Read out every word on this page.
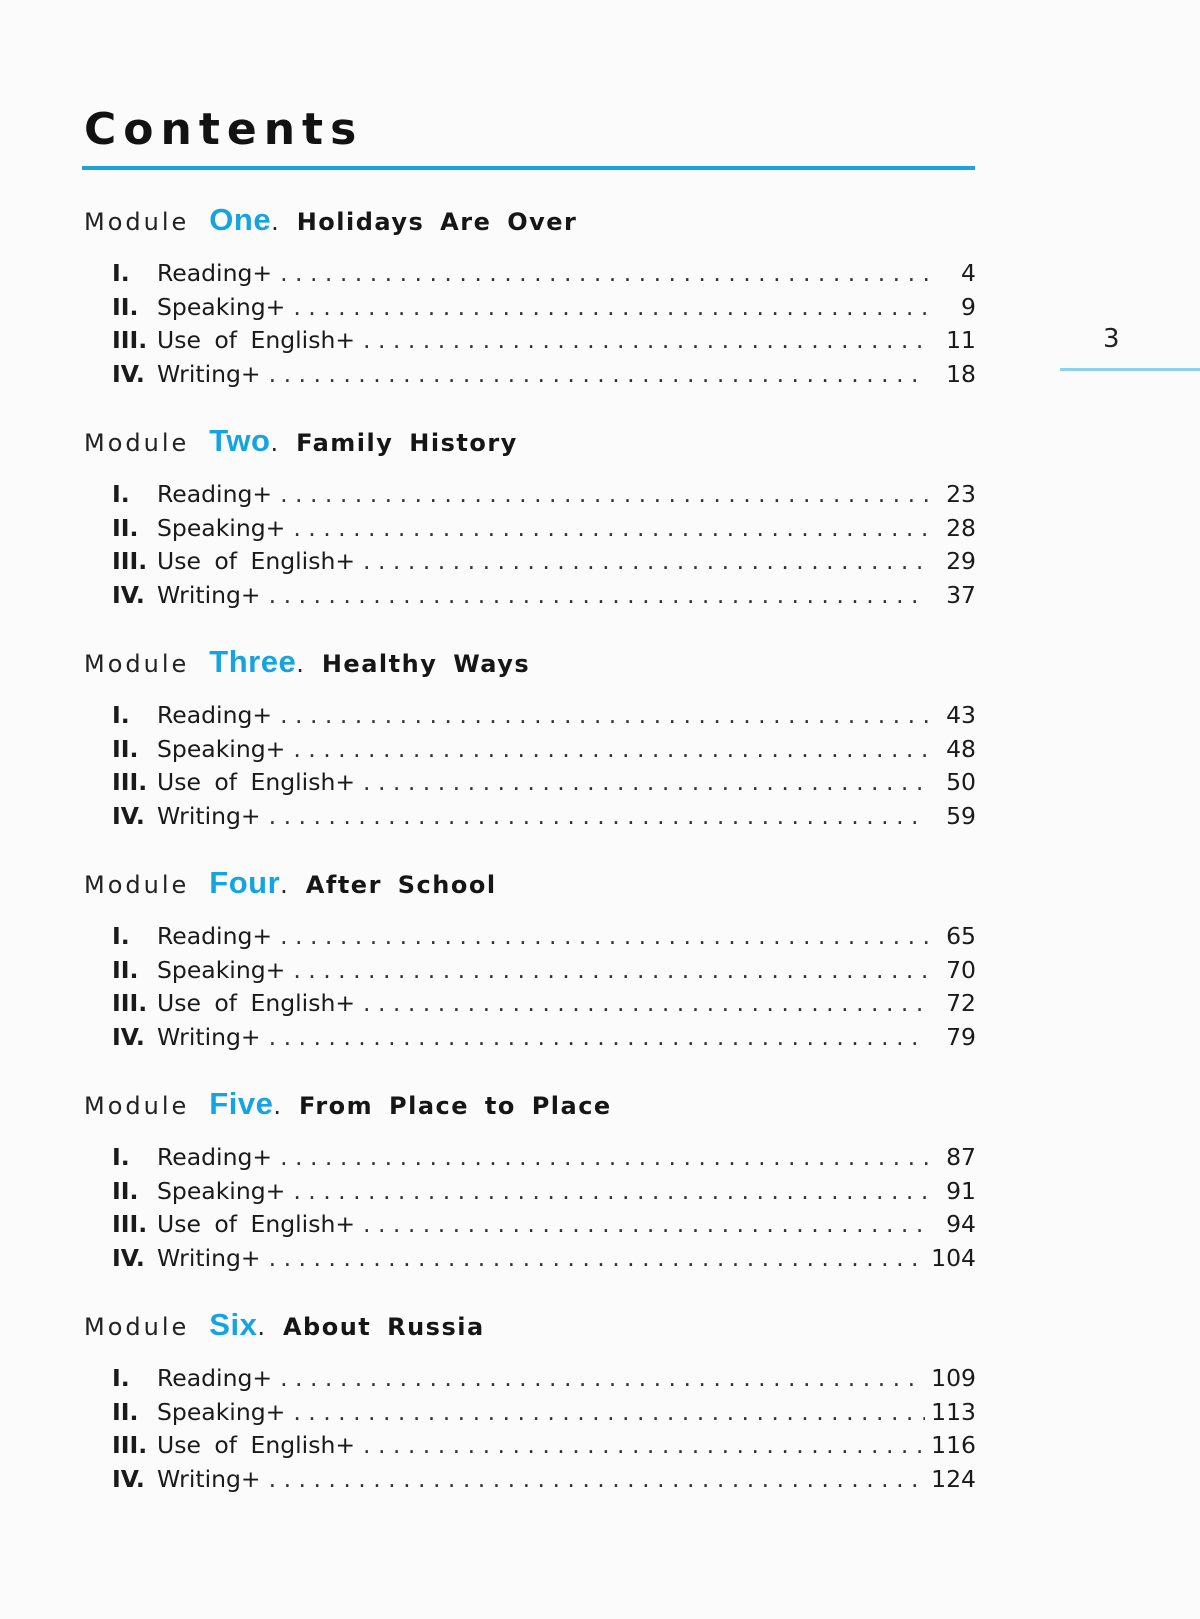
Contents
3
Module One . Holidays Are Over
I.	Reading+ . . .	4
II. Speaking+ . . .	9
III. Use of English+ . . .	11
IV. Writing+ . . .	18
Module Two . Family History
I.	Reading+ . . .	23
II. Speaking+ . . .	28
III. Use of English+ . . .	29
IV. Writing+ . . .	37
Module Three . Healthy Ways
I.	Reading+ . . .	43
II. Speaking+ . . .	48
III. Use of English+ . . .	50
IV. Writing+ . . .	59
Module Four . After School
I.	Reading+ . . .	65
II. Speaking+ . . .	70
III. Use of English+ . . .	72
IV. Writing+ . . .	79
Module Five . From Place to Place
I.	Reading+ . . .	87
II. Speaking+ . . .	91
III. Use of English+ . . .	94
IV. Writing+ . . .	104
Module Six . About Russia
I.	Reading+ . . .	109
II. Speaking+ . . .	113
III. Use of English+ . . .	116
IV. Writing+ . . .	124
